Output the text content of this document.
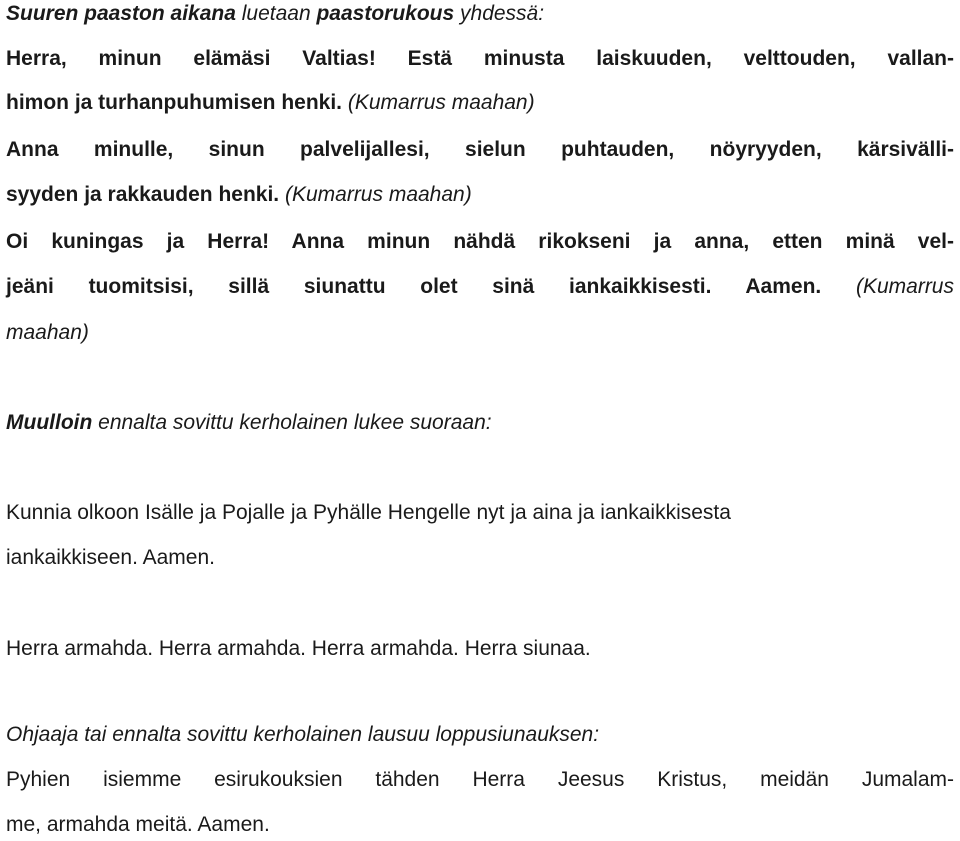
Suuren paaston aikana luetaan paastorukous yhdessä:
Herra, minun elämäsi Valtias! Estä minusta laiskuuden, velttouden, vallan-
himon ja turhanpuhumisen henki. (Kumarrus maahan)
Anna minulle, sinun palvelijallesi, sielun puhtauden, nöyryyden, kärsivälli-
syyden ja rakkauden henki. (Kumarrus maahan)
Oi kuningas ja Herra! Anna minun nähdä rikokseni ja anna, etten minä vel-
jeäni tuomitsisi, sillä siunattu olet sinä iankaikkisesti. Aamen. (Kumarrus
maahan)
Muulloin ennalta sovittu kerholainen lukee suoraan:
Kunnia olkoon Isälle ja Pojalle ja Pyhälle Hengelle nyt ja aina ja iankaikkisesta
iankaikkiseen. Aamen.
Herra armahda. Herra armahda. Herra armahda. Herra siunaa.
Ohjaaja tai ennalta sovittu kerholainen lausuu loppusiunauksen:
Pyhien isiemme esirukouksien tähden Herra Jeesus Kristus, meidän Jumalam-
me, armahda meitä. Aamen.
